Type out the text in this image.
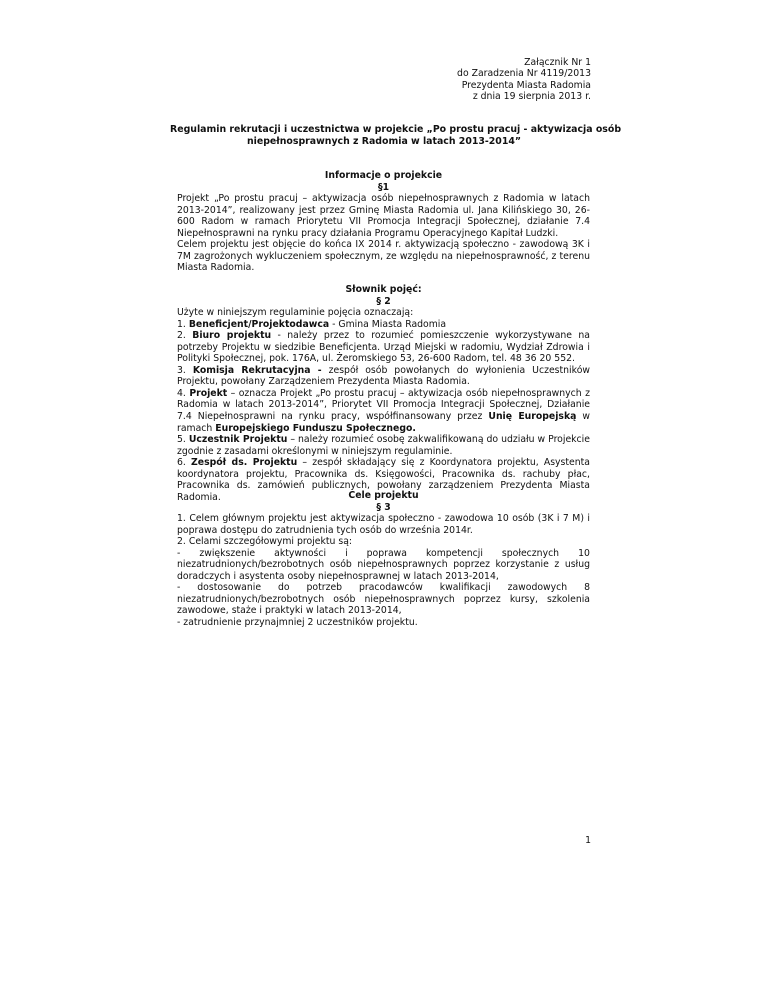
Załącznik Nr 1
do Zaradzenia Nr 4119/2013
Prezydenta Miasta Radomia
z dnia 19 sierpnia 2013 r.
Regulamin rekrutacji i uczestnictwa w projekcie „Po prostu pracuj - aktywizacja osób
niepełnosprawnych z Radomia w latach 2013-2014”
Informacje o projekcie
§1
Projekt „Po prostu pracuj – aktywizacja osób niepełnosprawnych z Radomia w latach 2013-2014”, realizowany jest przez Gminę Miasta Radomia ul. Jana Kilińskiego 30, 26-600 Radom w ramach Priorytetu VII Promocja Integracji Społecznej, działanie 7.4 Niepełnosprawni na rynku pracy działania Programu Operacyjnego Kapitał Ludzki.
Celem projektu jest objęcie do końca IX 2014 r. aktywizacją społeczno - zawodową 3K i 7M zagrożonych wykluczeniem społecznym, ze względu na niepełnosprawność, z terenu Miasta Radomia.
Słownik pojęć:
§ 2
Użyte w niniejszym regulaminie pojęcia oznaczają:
1. Beneficjent/Projektodawca - Gmina Miasta Radomia
2. Biuro projektu - należy przez to rozumieć pomieszczenie wykorzystywane na potrzeby Projektu w siedzibie Beneficjenta. Urząd Miejski w radomiu, Wydział Zdrowia i Polityki Społecznej, pok. 176A, ul. Żeromskiego 53, 26-600 Radom, tel. 48 36 20 552.
3. Komisja Rekrutacyjna - zespół osób powołanych do wyłonienia Uczestników Projektu, powołany Zarządzeniem Prezydenta Miasta Radomia.
4. Projekt – oznacza Projekt „Po prostu pracuj – aktywizacja osób niepełnosprawnych z Radomia w latach 2013-2014”, Priorytet VII Promocja Integracji Społecznej, Działanie 7.4 Niepełnosprawni na rynku pracy, współfinansowany przez Unię Europejską w ramach Europejskiego Funduszu Społecznego.
5. Uczestnik Projektu – należy rozumieć osobę zakwalifikowaną do udziału w Projekcie zgodnie z zasadami określonymi w niniejszym regulaminie.
6. Zespół ds. Projektu – zespół składający się z Koordynatora projektu, Asystenta koordynatora projektu, Pracownika ds. Księgowości, Pracownika ds. rachuby płac, Pracownika ds. zamówień publicznych, powołany zarządzeniem Prezydenta Miasta Radomia.	Cele projektu
§ 3
1. Celem głównym projektu jest aktywizacja społeczno - zawodowa 10 osób (3K i 7 M) i poprawa dostępu do zatrudnienia tych osób do września 2014r.
2. Celami szczegółowymi projektu są:
- zwiększenie aktywności i poprawa kompetencji społecznych 10
niezatrudnionych/bezrobotnych osób niepełnosprawnych poprzez korzystanie z usług doradczych i asystenta osoby niepełnosprawnej w latach 2013-2014,
- dostosowanie do potrzeb pracodawców kwalifikacji zawodowych 8
niezatrudnionych/bezrobotnych osób niepełnosprawnych poprzez kursy, szkolenia zawodowe, staże i praktyki w latach 2013-2014,
- zatrudnienie przynajmniej 2 uczestników projektu.
1
